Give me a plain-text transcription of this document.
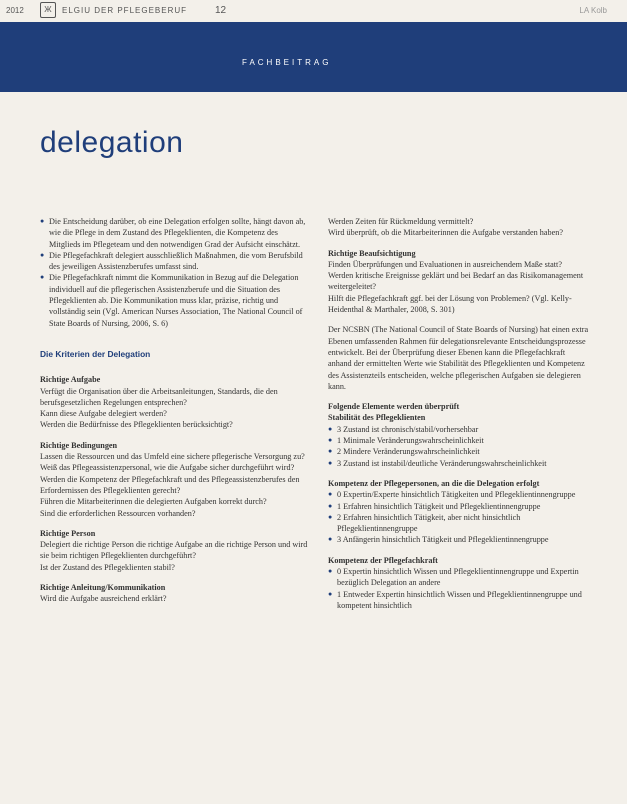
2012	Ж	ELGIU DER PFLEGEBERUF	12	LA Kolb
FACHBEITRAG
delegation
● Die Entscheidung darüber, ob eine Delegation erfolgen sollte, hängt davon ab, wie die Pflege in dem Zustand des Pflegeklienten, die Kompetenz des Mitglieds im Pflegeteam und den notwendigen Grad der Aufsicht einschätzt.
● Die Pflegefachkraft delegiert ausschließlich Maßnahmen, die vom Berufsbild des jeweiligen Assistenzberufes umfasst sind.
● Die Pflegefachkraft nimmt die Kommunikation in Bezug auf die Delegation individuell auf die pflegerischen Assistenzberufe und die Situation des Pflegeklienten ab. Die Kommunikation muss klar, präzise, richtig und vollständig sein (Vgl. American Nurses Association, The National Council of State Boards of Nursing, 2006, S. 6)
Die Kriterien der Delegation
Richtige Aufgabe
Verfügt die Organisation über die Arbeitsanleitungen, Standards, die den berufsgesetzlichen Regelungen entsprechen?
Kann diese Aufgabe delegiert werden?
Werden die Bedürfnisse des Pflegeklienten berücksichtigt?
Richtige Bedingungen
Lassen die Ressourcen und das Umfeld eine sichere pflegerische Versorgung zu?
Weiß das Pflegeassistenzpersonal, wie die Aufgabe sicher durchgeführt wird?
Werden die Kompetenz der Pflegefachkraft und des Pflegeassistenzberufes den Erfordernissen des Pflegeklienten gerecht?
Führen die Mitarbeiterinnen die delegierten Aufgaben korrekt durch?
Sind die erforderlichen Ressourcen vorhanden?
Richtige Person
Delegiert die richtige Person die richtige Aufgabe an die richtige Person und wird sie beim richtigen Pflegeklienten durchgeführt?
Ist der Zustand des Pflegeklienten stabil?
Richtige Anleitung/Kommunikation
Wird die Aufgabe ausreichend erklärt?
Werden Zeiten für Rückmeldung vermittelt?
Wird überprüft, ob die Mitarbeiterinnen die Aufgabe verstanden haben?
Richtige Beaufsichtigung
Finden Überprüfungen und Evaluationen in ausreichendem Maße statt?
Werden kritische Ereignisse geklärt und bei Bedarf an das Risikomanagement weitergeleitet?
Hilft die Pflegefachkraft ggf. bei der Lösung von Problemen? (Vgl. Kelly-Heidenthal & Marthaler, 2008, S. 301)
Der NCSBN (The National Council of State Boards of Nursing) hat einen extra Ebenen umfassenden Rahmen für delegationsrelevante Entscheidungsprozesse entwickelt. Bei der Überprüfung dieser Ebenen kann die Pflegefachkraft anhand der ermittelten Werte wie Stabilität des Pflegeklienten und Kompetenz des Assistenzteils entscheiden, welche pflegerischen Aufgaben sie delegieren kann.
Folgende Elemente werden überprüft
Stabilität des Pflegeklienten
● 3 Zustand ist chronisch/stabil/vorhersehbar
● 1 Minimale Veränderungswahrscheinlichkeit
● 2 Mindere Veränderungswahrscheinlichkeit
● 3 Zustand ist instabil/deutliche Veränderungswahrscheinlichkeit
Kompetenz der Pflegepersonen, an die die Delegation erfolgt
● 0 Expertin/Experte hinsichtlich Tätigkeiten und Pflegeklientinnengruppe
● 1 Erfahren hinsichtlich Tätigkeit und Pflegeklientinnengruppe
● 2 Erfahren hinsichtlich Tätigkeit, aber nicht hinsichtlich Pflegeklientinnengruppe
● 3 Anfängerin hinsichtlich Tätigkeit und Pflegeklientinnengruppe
Kompetenz der Pflegefachkraft
● 0 Expertin hinsichtlich Wissen und Pflegeklientinnengruppe und Expertin bezüglich Delegation an andere
● 1 Entweder Expertin hinsichtlich Wissen und Pflegeklientinnengruppe und kompetent hinsichtlich
